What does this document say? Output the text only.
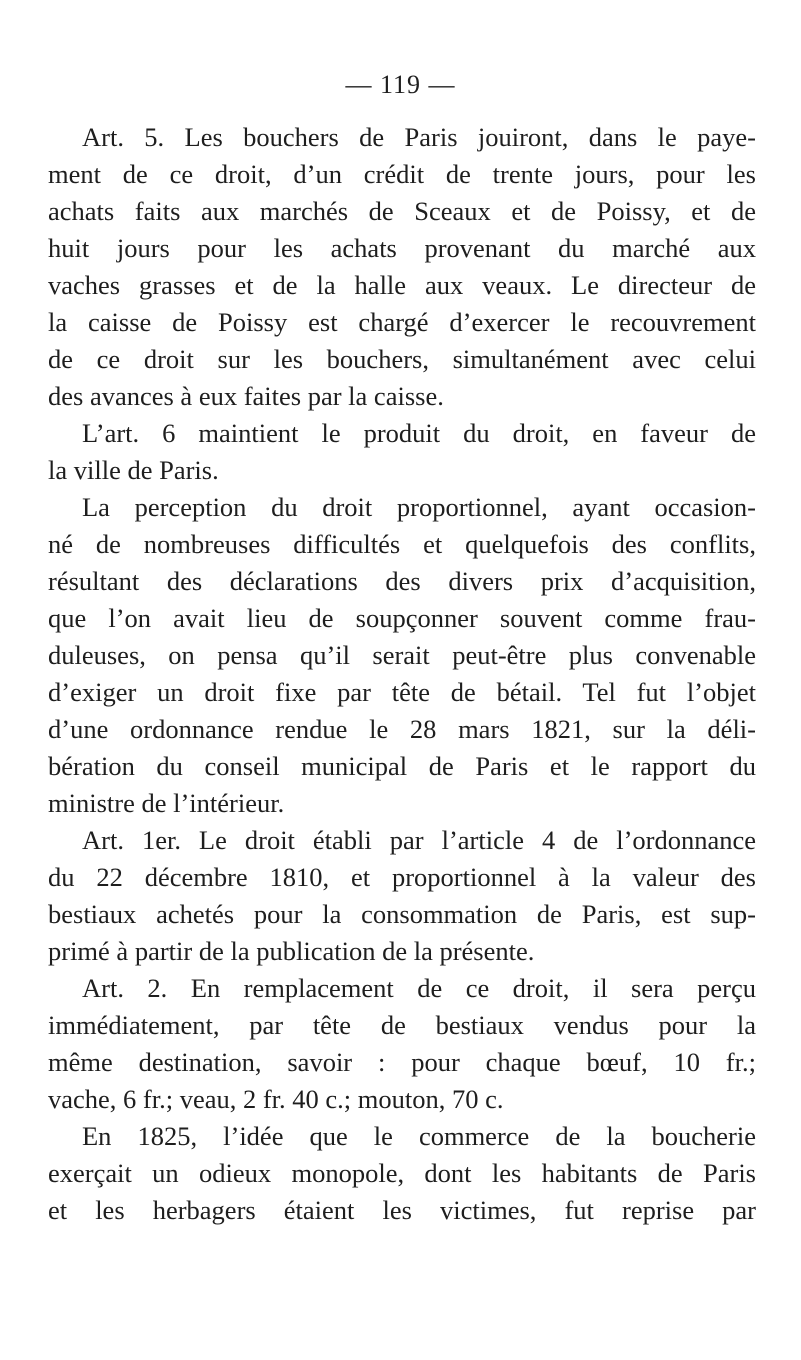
— 119 —
Art. 5. Les bouchers de Paris jouiront, dans le paye-
ment de ce droit, d’un crédit de trente jours, pour les
achats faits aux marchés de Sceaux et de Poissy, et de
huit jours pour les achats provenant du marché aux
vaches grasses et de la halle aux veaux. Le directeur de
la caisse de Poissy est chargé d’exercer le recouvrement
de ce droit sur les bouchers, simultanément avec celui
des avances à eux faites par la caisse.
L’art. 6 maintient le produit du droit, en faveur de
la ville de Paris.
La perception du droit proportionnel, ayant occasion-
né de nombreuses difficultés et quelquefois des conflits,
résultant des déclarations des divers prix d’acquisition,
que l’on avait lieu de soupçonner souvent comme frau-
duleuses, on pensa qu’il serait peut-être plus convenable
d’exiger un droit fixe par tête de bétail. Tel fut l’objet
d’une ordonnance rendue le 28 mars 1821, sur la déli-
bération du conseil municipal de Paris et le rapport du
ministre de l’intérieur.
Art. 1er. Le droit établi par l’article 4 de l’ordonnance
du 22 décembre 1810, et proportionnel à la valeur des
bestiaux achetés pour la consommation de Paris, est sup-
primé à partir de la publication de la présente.
Art. 2. En remplacement de ce droit, il sera perçu
immédiatement, par tête de bestiaux vendus pour la
même destination, savoir : pour chaque bœuf, 10 fr.;
vache, 6 fr.; veau, 2 fr. 40 c.; mouton, 70 c.
En 1825, l’idée que le commerce de la boucherie
exerçait un odieux monopole, dont les habitants de Paris
et les herbagers étaient les victimes, fut reprise par
